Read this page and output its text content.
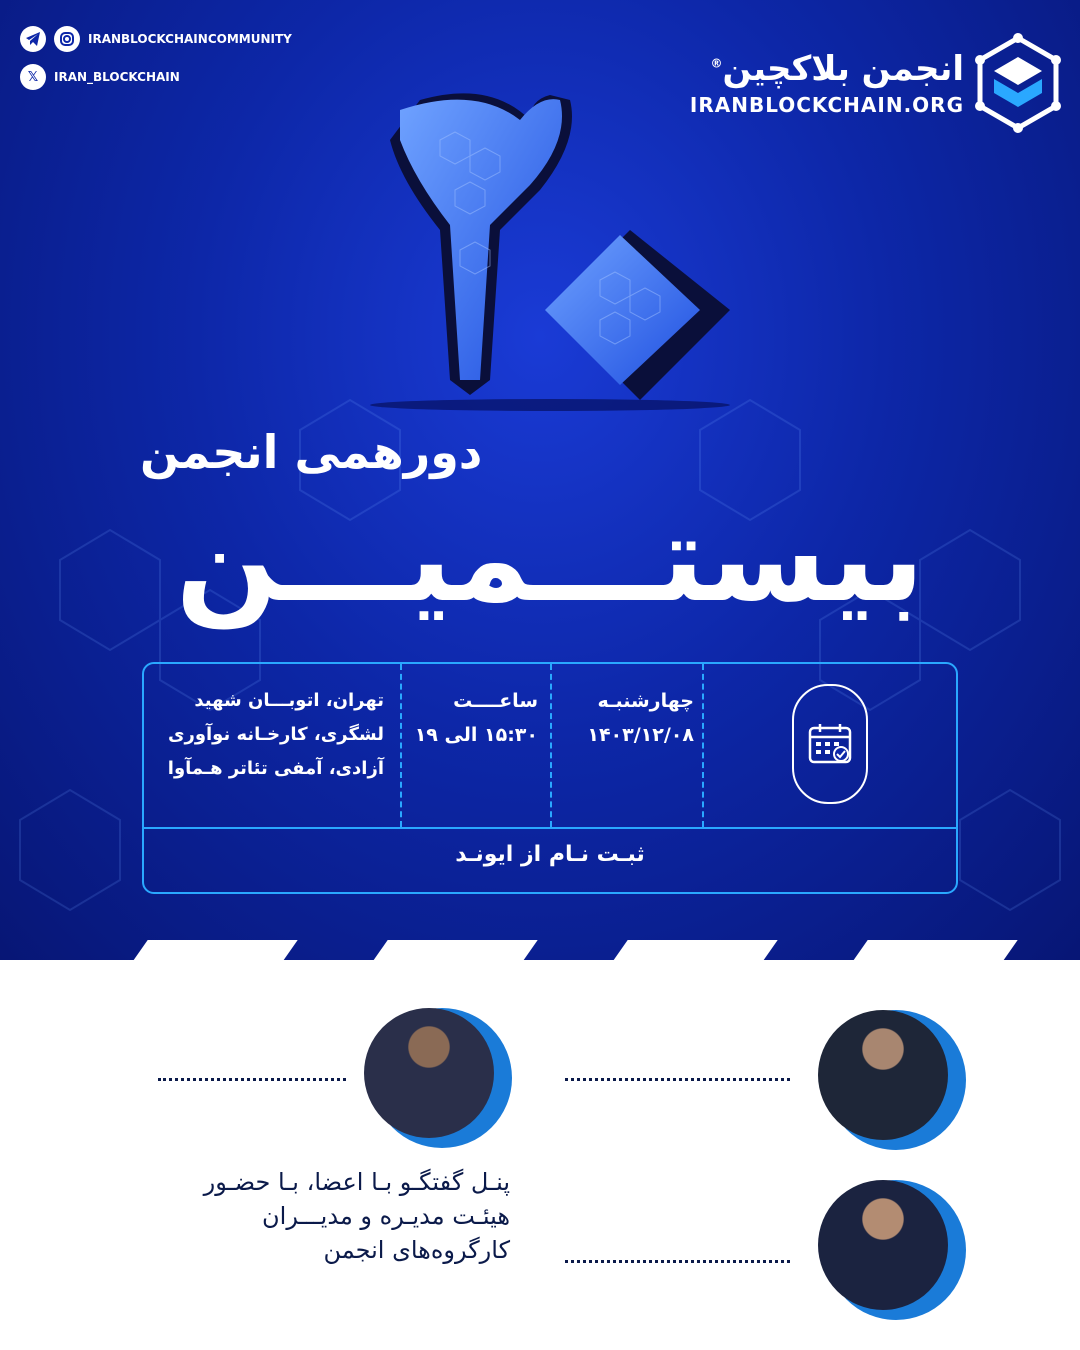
IRANBLOCKCHAINCOMMUNITY
𝕏	IRAN_BLOCKCHAIN	انجمن بلاکچین®
IRANBLOCKCHAIN.ORG
دورهمی انجمن
بیستـــمیـــن
چهارشنبـه
۱۴۰۳/۱۲/۰۸
ساعــــت
۱۵:۳۰ الی ۱۹
تهران، اتوبـــان شهید
لشگری، کارخـانه نوآوری
آزادی، آمفی تئاتر هـمآوا
ثبـت نـام از ایونـد
پنـل گفتگـو بـا اعضا، بـا حضـور
هیئـت مدیـره و مدیـــران
کارگروه‌های انجمن
